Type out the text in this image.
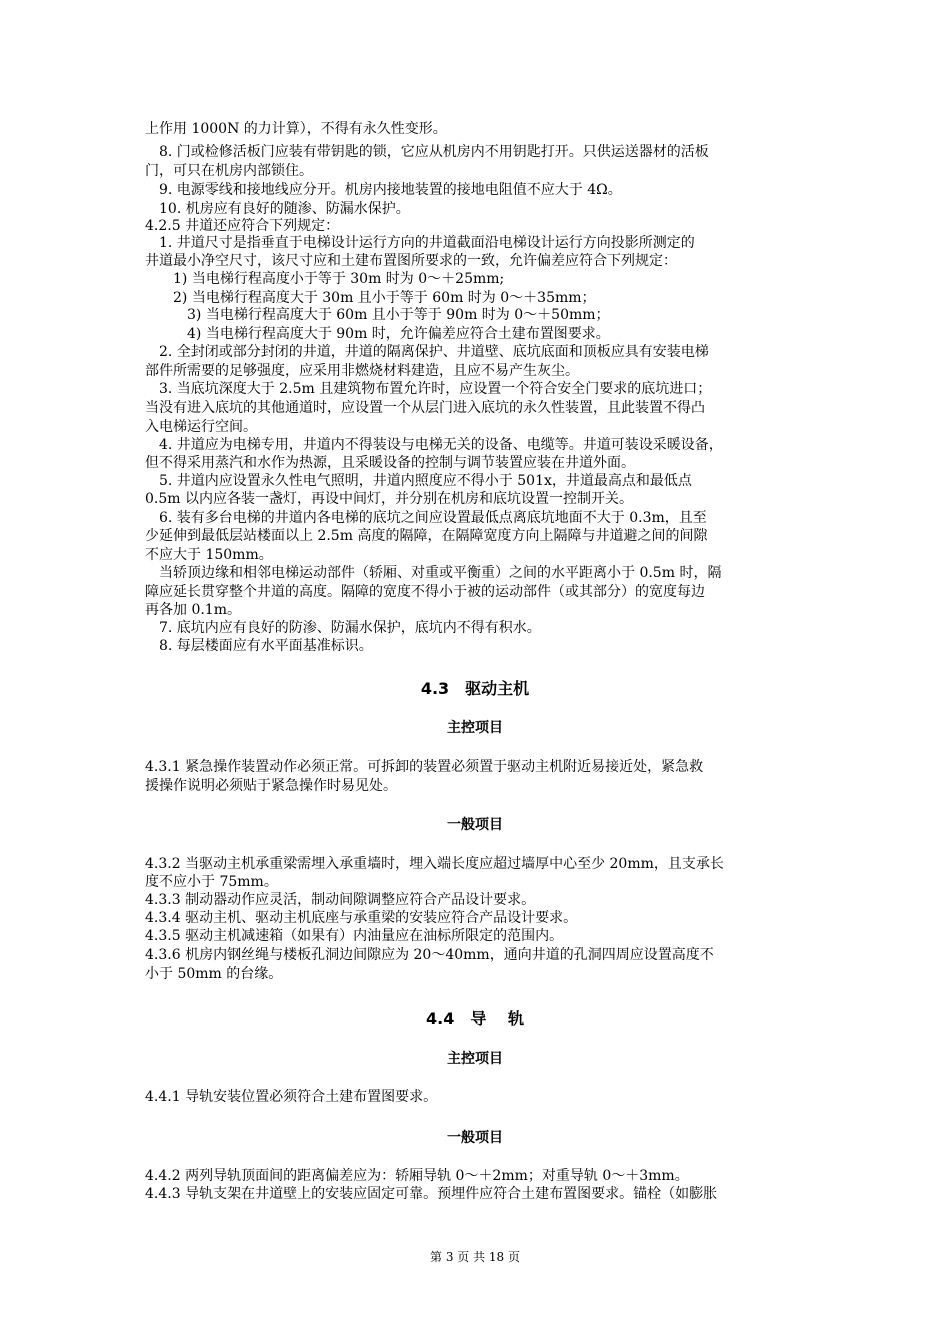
上作用 1000N 的力计算），不得有永久性变形。
　8. 门或检修活板门应装有带钥匙的锁，它应从机房内不用钥匙打开。只供运送器材的活板
门，可只在机房内部锁住。
　9. 电源零线和接地线应分开。机房内接地装置的接地电阻值不应大于 4Ω。
　10. 机房应有良好的随渗、防漏水保护。
4.2.5 井道还应符合下列规定：
　1. 井道尺寸是指垂直于电梯设计运行方向的井道截面沿电梯设计运行方向投影所测定的
井道最小净空尺寸，该尺寸应和土建布置图所要求的一致，允许偏差应符合下列规定：
　　1) 当电梯行程高度小于等于 30m 时为 0～＋25mm;
　　2) 当电梯行程高度大于 30m 且小于等于 60m 时为 0～＋35mm；
　　　3) 当电梯行程高度大于 60m 且小于等于 90m 时为 0～＋50mm；
　　　4) 当电梯行程高度大于 90m 时，允许偏差应符合土建布置图要求。
　2. 全封闭或部分封闭的井道，井道的隔离保护、井道壁、底坑底面和顶板应具有安装电梯
部件所需要的足够强度，应采用非燃烧材料建造，且应不易产生灰尘。
　3. 当底坑深度大于 2.5m 且建筑物布置允许时，应设置一个符合安全门要求的底坑进口；
当没有进入底坑的其他通道时，应设置一个从层门进入底坑的永久性装置，且此装置不得凸
入电梯运行空间。
　4. 井道应为电梯专用，井道内不得装设与电梯无关的设备、电缆等。井道可装设采暖设备，
但不得采用蒸汽和水作为热源，且采暖设备的控制与调节装置应装在井道外面。
　5. 井道内应设置永久性电气照明，井道内照度应不得小于 501x，井道最高点和最低点
0.5m 以内应各装一盏灯，再设中间灯，并分别在机房和底坑设置一控制开关。
　6. 装有多台电梯的井道内各电梯的底坑之间应设置最低点离底坑地面不大于 0.3m，且至
少延伸到最低层站楼面以上 2.5m 高度的隔障，在隔障宽度方向上隔障与井道避之间的间隙
不应大于 150mm。
　当轿顶边缘和相邻电梯运动部件（轿厢、对重或平衡重）之间的水平距离小于 0.5m 时，隔
障应延长贯穿整个井道的高度。隔障的宽度不得小于被的运动部件（或其部分）的宽度每边
再各加 0.1m。
　7. 底坑内应有良好的防渗、防漏水保护，底坑内不得有积水。
　8. 每层楼面应有水平面基准标识。
4.3　驱动主机
主控项目
4.3.1 紧急操作装置动作必须正常。可拆卸的装置必须置于驱动主机附近易接近处，紧急救
援操作说明必须贴于紧急操作时易见处。
一般项目
4.3.2 当驱动主机承重梁需埋入承重墙时，埋入端长度应超过墙厚中心至少 20mm，且支承长
度不应小于 75mm。
4.3.3 制动器动作应灵活，制动间隙调整应符合产品设计要求。
4.3.4 驱动主机、驱动主机底座与承重梁的安装应符合产品设计要求。
4.3.5 驱动主机减速箱（如果有）内油量应在油标所限定的范围内。
4.3.6 机房内钢丝绳与楼板孔洞边间隙应为 20～40mm，通向井道的孔洞四周应设置高度不
小于 50mm 的台缘。
4.4　导　 轨
主控项目
4.4.1 导轨安装位置必须符合土建布置图要求。
一般项目
4.4.2 两列导轨顶面间的距离偏差应为：轿厢导轨 0～＋2mm；对重导轨 0～＋3mm。
4.4.3 导轨支架在井道壁上的安装应固定可靠。预埋件应符合土建布置图要求。锚栓（如膨胀
第 3 页 共 18 页
